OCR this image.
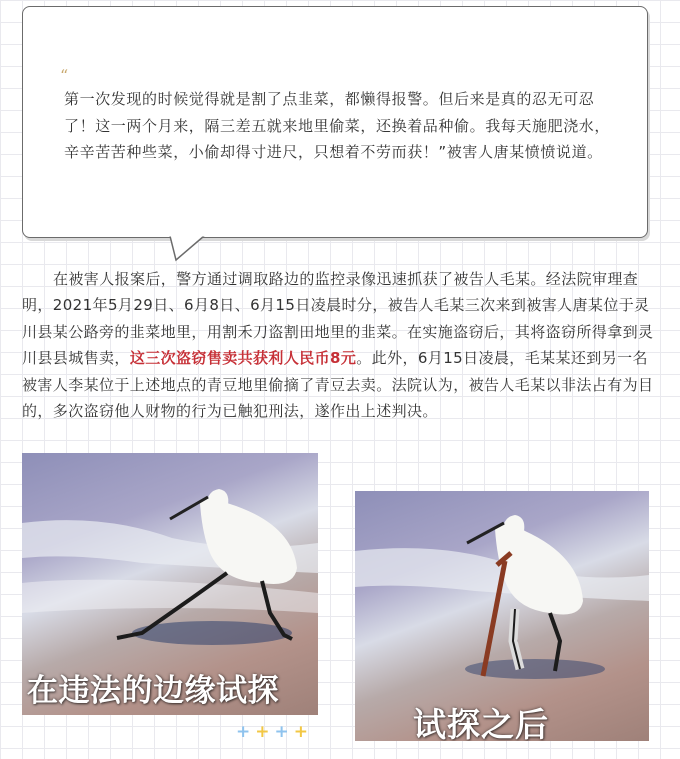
“

第一次发现的时候觉得就是割了点韭菜，都懒得报警。但后来是真的忍无可忍了！这一两个月来，隔三差五就来地里偷菜，还换着品种偷。我每天施肥浇水，辛辛苦苦种些菜，小偷却得寸进尺，只想着不劳而获！”被害人唐某愤愤说道。

在被害人报案后，警方通过调取路边的监控录像迅速抓获了被告人毛某。经法院审理查明，2021年5月29日、6月8日、6月15日凌晨时分，被告人毛某三次来到被害人唐某位于灵川县某公路旁的韭菜地里，用割禾刀盗割田地里的韭菜。在实施盗窃后，其将盗窃所得拿到灵川县县城售卖，这三次盗窃售卖共获利人民币8元。此外，6月15日凌晨，毛某某还到另一名被害人李某位于上述地点的青豆地里偷摘了青豆去卖。法院认为，被告人毛某以非法占有为目的，多次盗窃他人财物的行为已触犯刑法，遂作出上述判决。

在违法的边缘试探
试探之后
++++
